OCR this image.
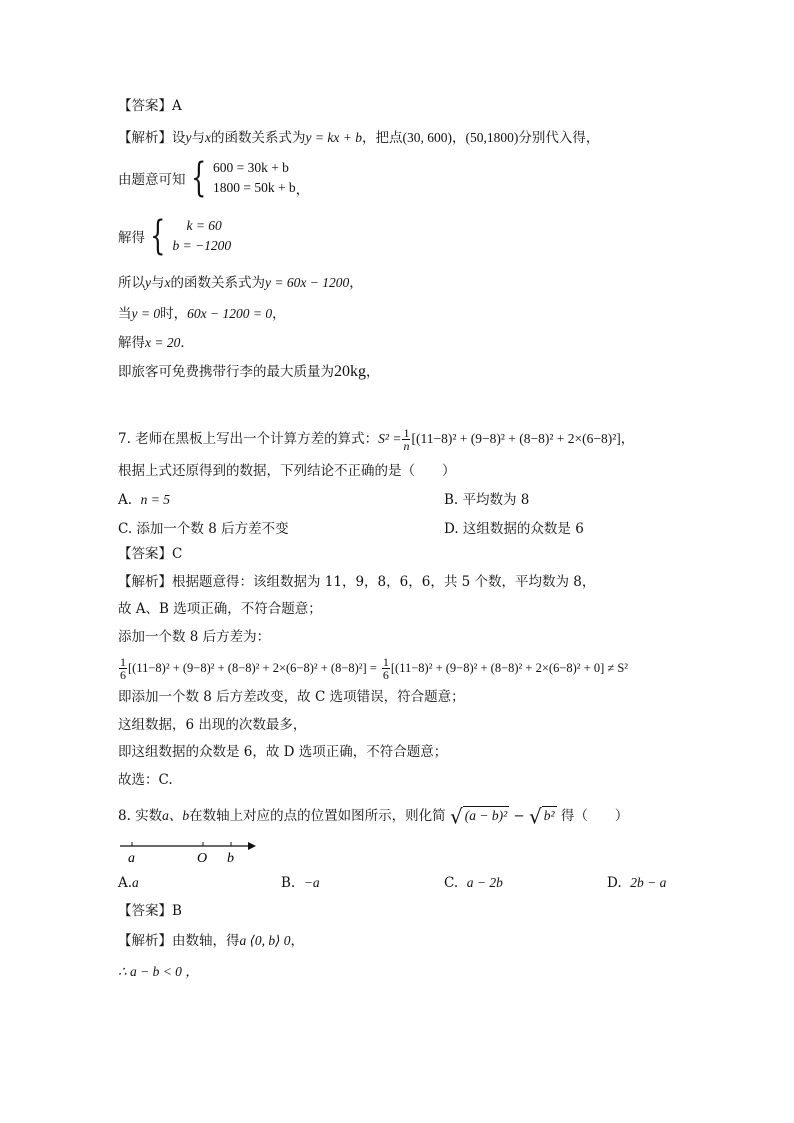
【答案】A
【解析】设y与x的函数关系式为y = kx + b，把点(30, 600)，(50,1800)分别代入得，
由题意可知 { 600 = 30k + b
1800 = 50k + b ，
解得 {	k = 60
b = −1200
所以y与x的函数关系式为y = 60x − 1200，
当y = 0时，60x − 1200 = 0，
解得x = 20．
即旅客可免费携带行李的最大质量为20kg，
7. 老师在黑板上写出一个计算方差的算式：$S^2 = \frac{1}{n} [(11-8)^2 + (9-8)^2 + (8-8)^2 + 2\times(6-8)^2]$，
根据上式还原得到的数据，下列结论不正确的是（　　）
A. n = 5	B. 平均数为 8
C. 添加一个数 8 后方差不变	D. 这组数据的众数是 6
【答案】C
【解析】根据题意得：该组数据为 11，9，8，6，6，共 5 个数，平均数为 8，
故 A、B 选项正确，不符合题意；
添加一个数 8 后方差为：
$\frac{1}{6} [(11-8)^2 + (9-8)^2 + (8-8)^2 + 2\times(6-8)^2 + (8-8)^2] = \frac{1}{6} [(11-8)^2 + (9-8)^2 + (8-8)^2 + 2\times(6-8)^2 + 0] \ne S^2$
即添加一个数 8 后方差改变，故 C 选项错误，符合题意；
这组数据，6 出现的次数最多，
即这组数据的众数是 6，故 D 选项正确，不符合题意；
故选：C.
8. 实数a、b在数轴上对应的点的位置如图所示，则化简 √ (a − b)² − √ b² 得（　　）
a	O b
A.a	B. −a	C. a − 2b	D. 2b − a
【答案】B
【解析】由数轴，得a ⟨0, b⟩ 0，
∴ a − b < 0 ，
